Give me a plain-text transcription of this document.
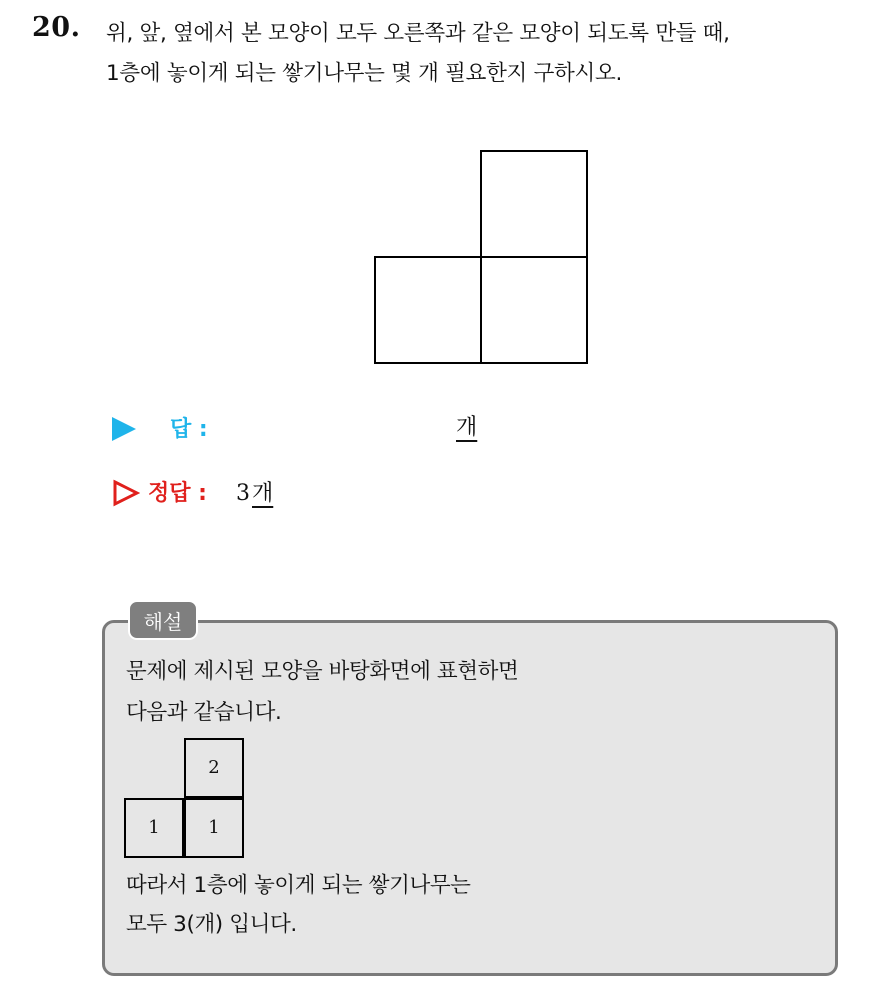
20. 위, 앞, 옆에서 본 모양이 모두 오른쪽과 같은 모양이 되도록 만들 때,
1층에 놓이게 되는 쌓기나무는 몇 개 필요한지 구하시오.

답 :	개
정답 : 3개
해설
문제에 제시된 모양을 바탕화면에 표현하면
다음과 같습니다.
2
1	1
따라서 1층에 놓이게 되는 쌓기나무는
모두 3(개) 입니다.
